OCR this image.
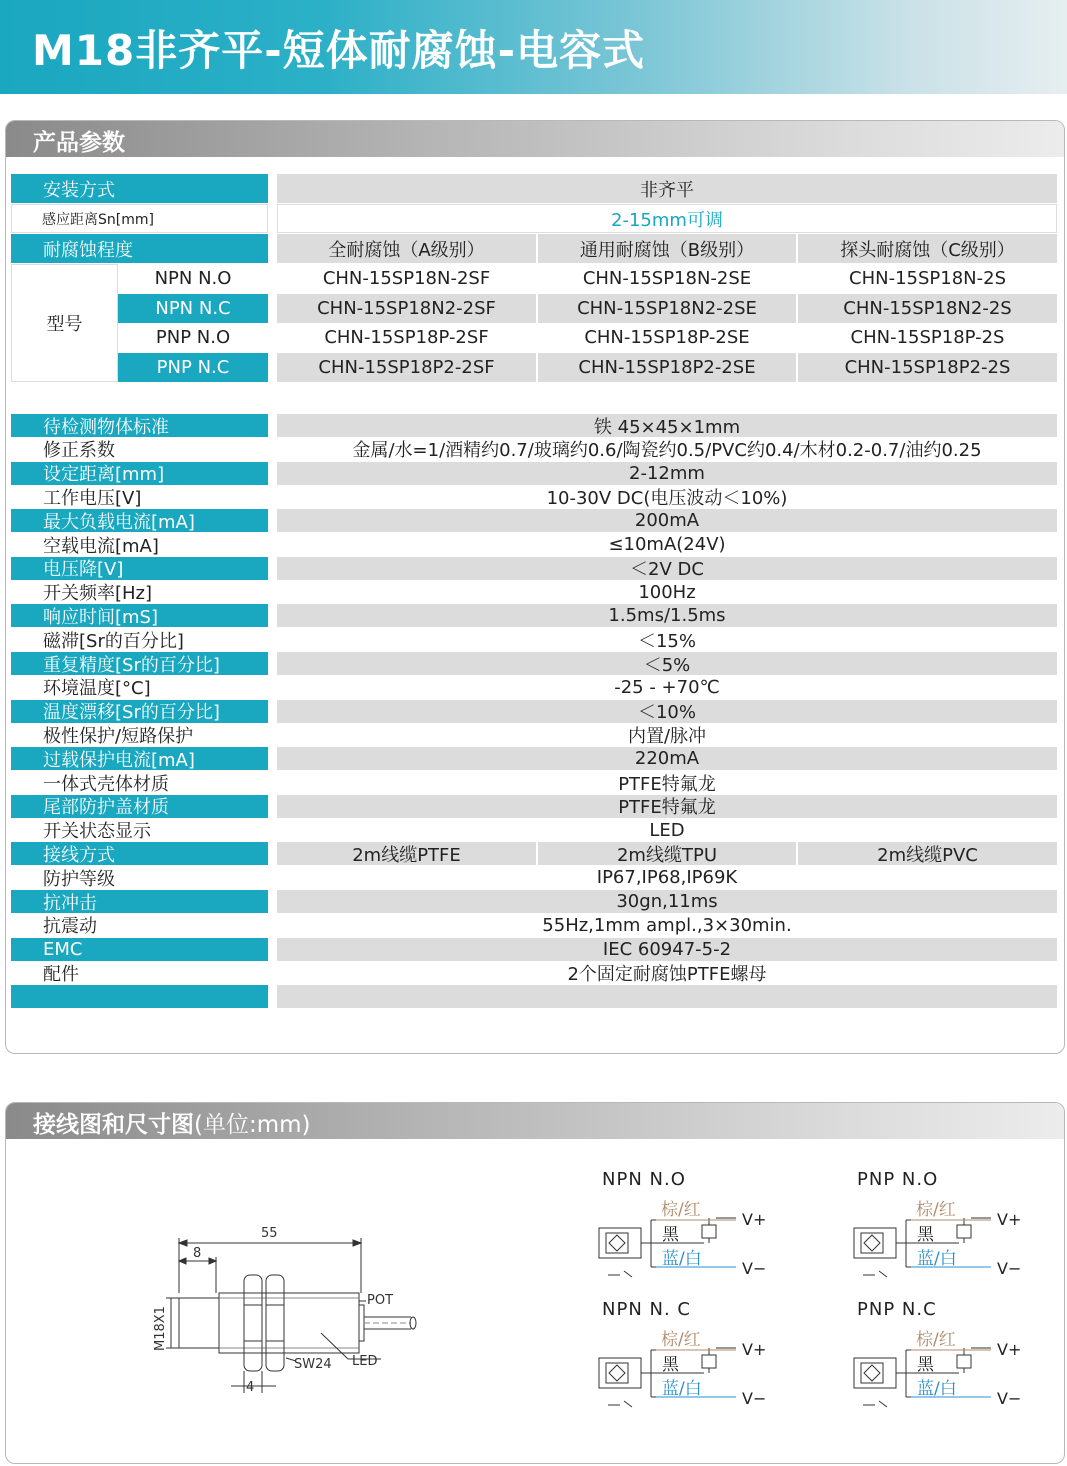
M18非齐平-短体耐腐蚀-电容式
产品参数
安装方式	非齐平
感应距离Sn[mm]	2-15mm可调
耐腐蚀程度	全耐腐蚀（A级别）	通用耐腐蚀（B级别）	探头耐腐蚀（C级别）
型号
NPN N.O	CHN-15SP18N-2SF	CHN-15SP18N-2SE	CHN-15SP18N-2S
NPN N.C	CHN-15SP18N2-2SF	CHN-15SP18N2-2SE	CHN-15SP18N2-2S
PNP N.O	CHN-15SP18P-2SF	CHN-15SP18P-2SE	CHN-15SP18P-2S
PNP N.C	CHN-15SP18P2-2SF	CHN-15SP18P2-2SE	CHN-15SP18P2-2S
待检测物体标准	铁 45×45×1mm
修正系数	金属/水=1/酒精约0.7/玻璃约0.6/陶瓷约0.5/PVC约0.4/木材0.2-0.7/油约0.25
设定距离[mm]	2-12mm
工作电压[V]	10-30V DC(电压波动＜10%)
最大负载电流[mA]	200mA
空载电流[mA]	≤10mA(24V)
电压降[V]	＜2V DC
开关频率[Hz]	100Hz
响应时间[mS]	1.5ms/1.5ms
磁滞[Sr的百分比]	＜15%
重复精度[Sr的百分比]	＜5%
环境温度[°C]	-25 - +70℃
温度漂移[Sr的百分比]	＜10%
极性保护/短路保护	内置/脉冲
过载保护电流[mA]	220mA
一体式壳体材质	PTFE特氟龙
尾部防护盖材质	PTFE特氟龙
开关状态显示	LED
接线方式	2m线缆PTFE	2m线缆TPU	2m线缆PVC
防护等级	IP67,IP68,IP69K
抗冲击	30gn,11ms
抗震动	55Hz,1mm ampl.,3×30min.
EMC	IEC 60947-5-2
配件	2个固定耐腐蚀PTFE螺母
接线图和尺寸图(单位:mm)
55
8
4
SW24 LED
POT
M18X1
NPN N.O
棕/红
黑
蓝/白
V+
V−
PNP N.O
棕/红
黑
蓝/白
V+
V−
NPN N. C
棕/红
黑
蓝/白
V+
V−
PNP N.C
棕/红
黑
蓝/白
V+
V−
